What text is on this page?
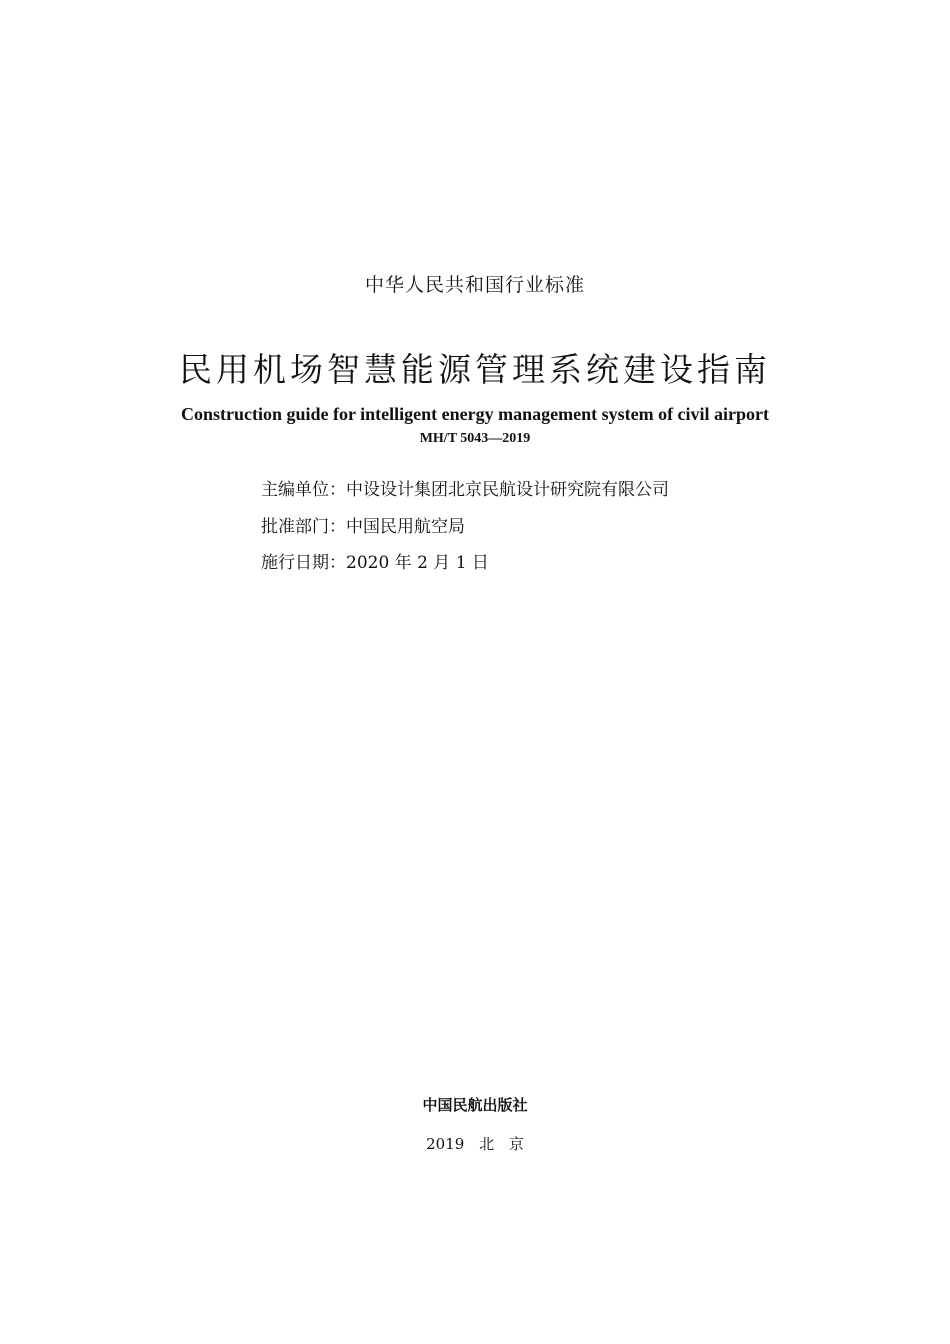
中华人民共和国行业标准
民用机场智慧能源管理系统建设指南
Construction guide for intelligent energy management system of civil airport
MH/T 5043—2019
主编单位：中设设计集团北京民航设计研究院有限公司
批准部门：中国民用航空局
施行日期：2020 年 2 月 1 日
中国民航出版社
2019 北 京
